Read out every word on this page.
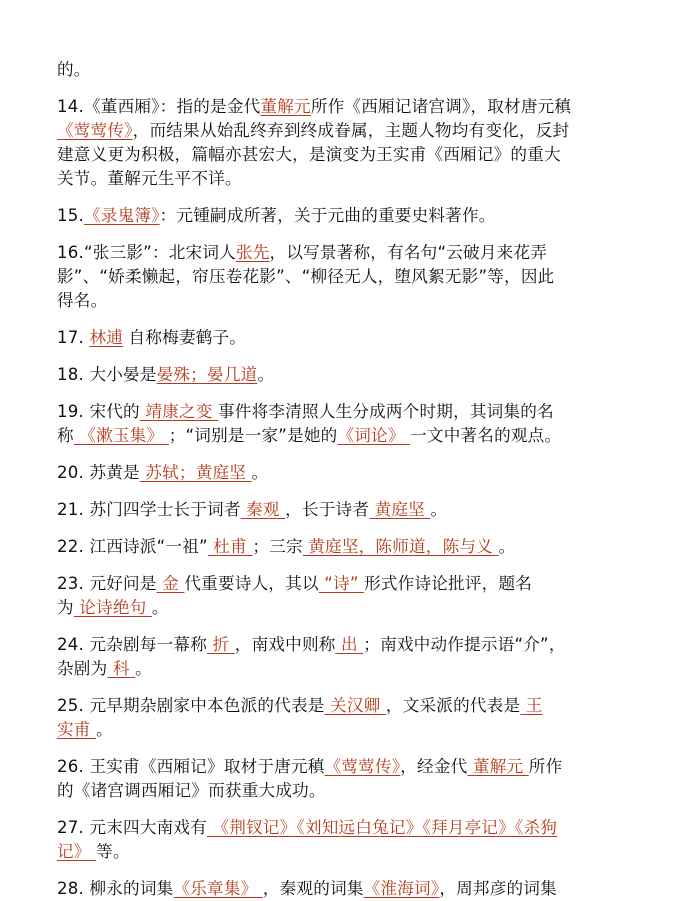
的。
14.《董西厢》：指的是金代董解元所作《西厢记诸宫调》，取材唐元稹
《莺莺传》，而结果从始乱终弃到终成眷属，主题人物均有变化，反封
建意义更为积极，篇幅亦甚宏大，是演变为王实甫《西厢记》的重大
关节。董解元生平不详。
15.《录鬼簿》：元锺嗣成所著，关于元曲的重要史料著作。
16.“张三影”：北宋词人张先，以写景著称，有名句“云破月来花弄
影”、“娇柔懒起，帘压卷花影”、“柳径无人，堕风絮无影”等，因此
得名。
17. 林逋 自称梅妻鹤子。
18. 大小晏是晏殊；晏几道。
19. 宋代的 靖康之变 事件将李清照人生分成两个时期，其词集的名
称 《漱玉集》 ；“词别是一家”是她的《词论》 一文中著名的观点。
20. 苏黄是 苏轼；黄庭坚 。
21. 苏门四学士长于词者 秦观 ，长于诗者 黄庭坚 。
22. 江西诗派“一祖” 杜甫 ；三宗 黄庭坚，陈师道，陈与义 。
23. 元好问是 金 代重要诗人，其以 “诗” 形式作诗论批评，题名
为 论诗绝句 。
24. 元杂剧每一幕称 折 ，南戏中则称 出 ；南戏中动作提示语“介”，
杂剧为 科 。
25. 元早期杂剧家中本色派的代表是 关汉卿 ，文采派的代表是 王
实甫 。
26. 王实甫《西厢记》取材于唐元稹《莺莺传》，经金代 董解元 所作
的《诸宫调西厢记》而获重大成功。
27. 元末四大南戏有 《荆钗记》《刘知远白兔记》《拜月亭记》《杀狗
记》 等。
28. 柳永的词集《乐章集》 ，秦观的词集《淮海词》，周邦彦的词集
